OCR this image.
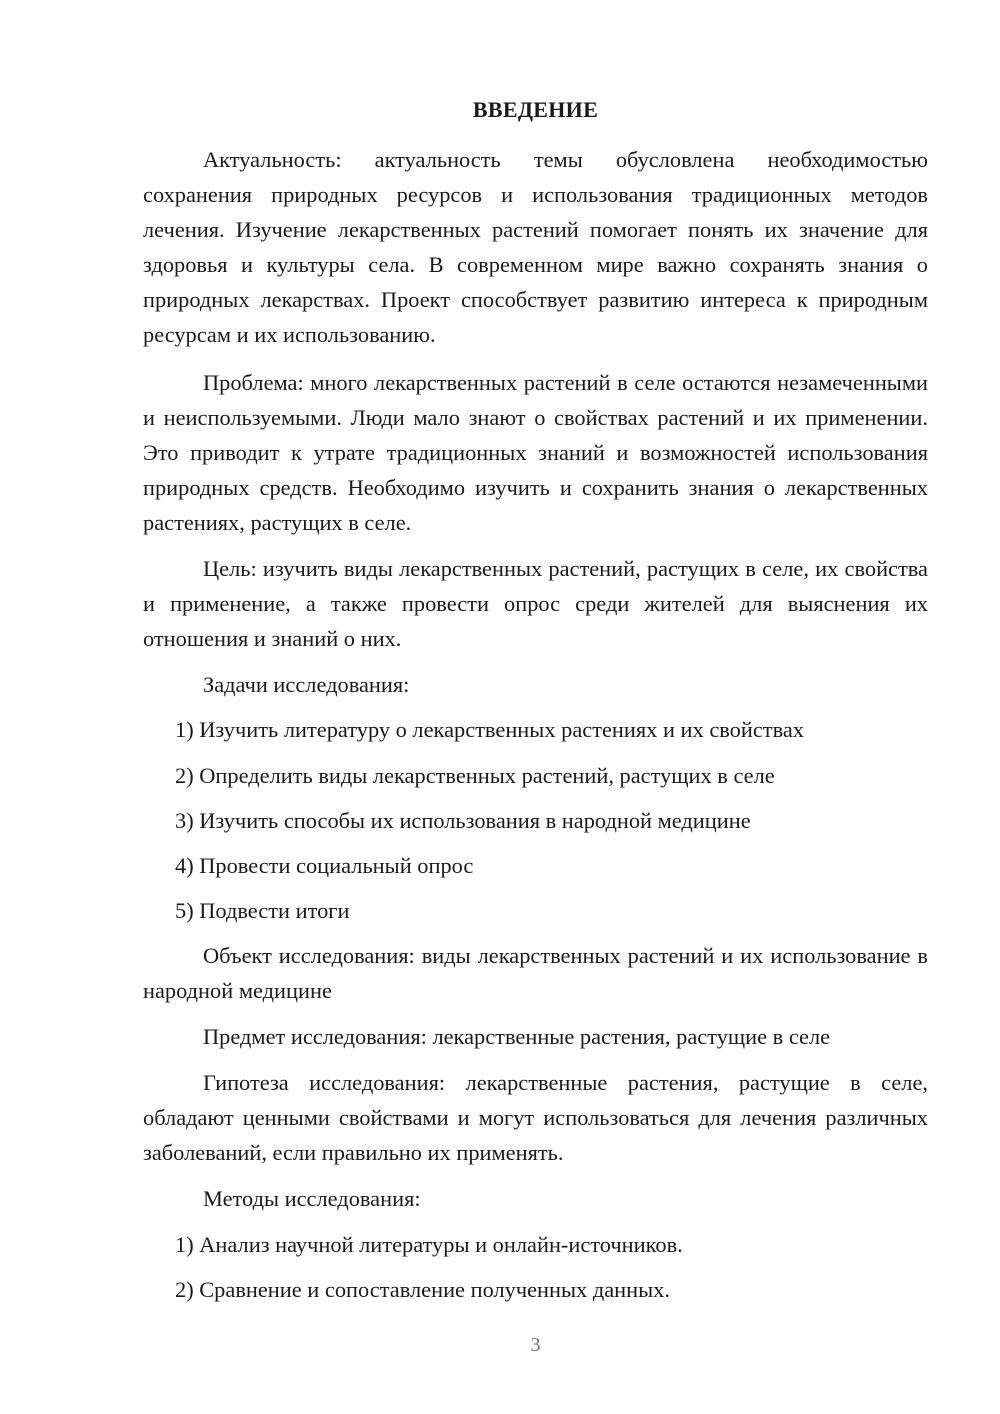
ВВЕДЕНИЕ

Актуальность: актуальность темы обусловлена необходимостью сохранения природных ресурсов и использования традиционных методов лечения. Изучение лекарственных растений помогает понять их значение для здоровья и культуры села. В современном мире важно сохранять знания о природных лекарствах. Проект способствует развитию интереса к природным ресурсам и их использованию.

Проблема: много лекарственных растений в селе остаются незамеченными и неиспользуемыми. Люди мало знают о свойствах растений и их применении. Это приводит к утрате традиционных знаний и возможностей использования природных средств. Необходимо изучить и сохранить знания о лекарственных растениях, растущих в селе.

Цель: изучить виды лекарственных растений, растущих в селе, их свойства и применение, а также провести опрос среди жителей для выяснения их отношения и знаний о них.

Задачи исследования:

1) Изучить литературу о лекарственных растениях и их свойствах

2) Определить виды лекарственных растений, растущих в селе

3) Изучить способы их использования в народной медицине

4) Провести социальный опрос

5) Подвести итоги

Объект исследования: виды лекарственных растений и их использование в народной медицине

Предмет исследования: лекарственные растения, растущие в селе

Гипотеза исследования: лекарственные растения, растущие в селе, обладают ценными свойствами и могут использоваться для лечения различных заболеваний, если правильно их применять.

Методы исследования:

1) Анализ научной литературы и онлайн-источников.

2) Сравнение и сопоставление полученных данных.

3
